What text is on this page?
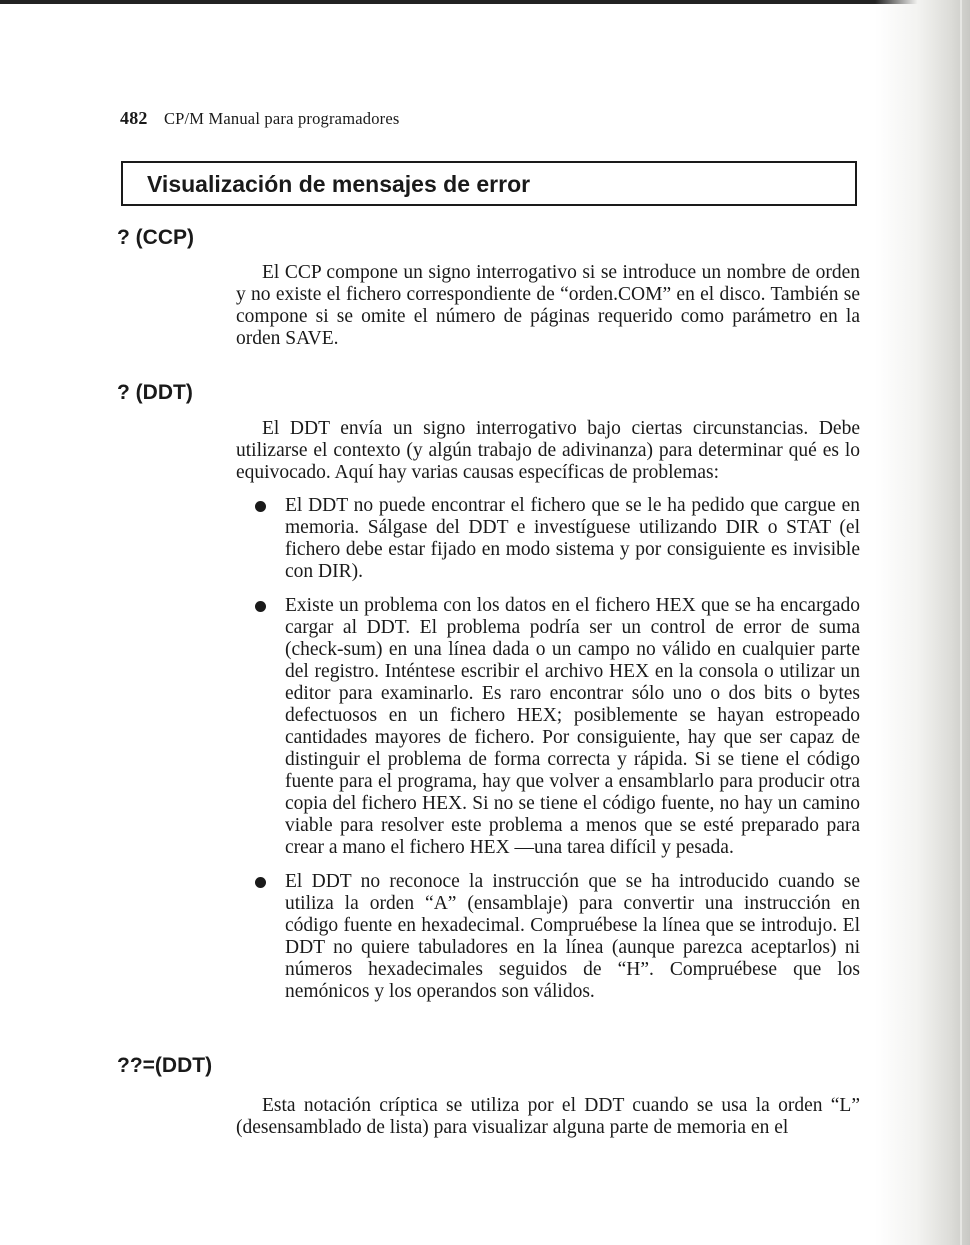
482 CP/M Manual para programadores
Visualización de mensajes de error
? (CCP)

El CCP compone un signo interrogativo si se introduce un nombre de orden y no existe el fichero correspondiente de “orden.COM” en el disco. También se compone si se omite el número de páginas requerido como parámetro en la orden SAVE.

? (DDT)

El DDT envía un signo interrogativo bajo ciertas circunstancias. Debe utilizarse el contexto (y algún trabajo de adivinanza) para determinar qué es lo equivocado. Aquí hay varias causas específicas de problemas:

El DDT no puede encontrar el fichero que se le ha pedido que cargue en memoria. Sálgase del DDT e investíguese utilizando DIR o STAT (el fichero debe estar fijado en modo sistema y por consiguiente es invisible con DIR).
Existe un problema con los datos en el fichero HEX que se ha encargado cargar al DDT. El problema podría ser un control de error de suma (check-sum) en una línea dada o un campo no válido en cualquier parte del registro. Inténtese escribir el archivo HEX en la consola o utilizar un editor para examinarlo. Es raro encontrar sólo uno o dos bits o bytes defectuosos en un fichero HEX; posiblemente se hayan estropeado cantidades mayores de fichero. Por consiguiente, hay que ser capaz de distinguir el problema de forma correcta y rápida. Si se tiene el código fuente para el programa, hay que volver a ensamblarlo para producir otra copia del fichero HEX. Si no se tiene el código fuente, no hay un camino viable para resolver este problema a menos que se esté preparado para crear a mano el fichero HEX —una tarea difícil y pesada.
El DDT no reconoce la instrucción que se ha introducido cuando se utiliza la orden “A” (ensamblaje) para convertir una instrucción en código fuente en hexadecimal. Compruébese la línea que se introdujo. El DDT no quiere tabuladores en la línea (aunque parezca aceptarlos) ni números hexadecimales seguidos de “H”. Compruébese que los nemónicos y los operandos son válidos.
??=(DDT)

Esta notación críptica se utiliza por el DDT cuando se usa la orden “L” (desensamblado de lista) para visualizar alguna parte de memoria en el
